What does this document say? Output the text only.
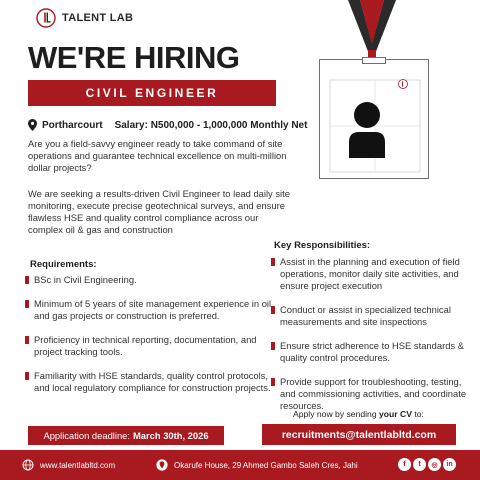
TALENT LAB
WE'RE HIRING
CIVIL ENGINEER
Portharcourt Salary:
N500,000 - 1,000,000 Monthly Net

Are you a field-savvy engineer ready to take command of site operations and guarantee technical excellence on multi-million dollar projects?

We are seeking a results-driven Civil Engineer to lead daily site monitoring, execute precise geotechnical surveys, and ensure flawless HSE and quality control compliance across our complex oil & gas and construction

Requirements:
BSc in Civil Engineering.
Minimum of 5 years of site management experience in oil and gas projects or construction is preferred.
Proficiency in technical reporting, documentation, and project tracking tools.
Familiarity with HSE standards, quality control protocols, and local regulatory compliance for construction projects.
Key Responsibilities:
Assist in the planning and execution of field operations, monitor daily site activities, and ensure project execution
Conduct or assist in specialized technical measurements and site inspections
Ensure strict adherence to HSE standards & quality control procedures.
Provide support for troubleshooting, testing, and commissioning activities, and coordinate resources.
Apply now by sending your CV to:
Application deadline: March 30th, 2026	recruitments@talentlabltd.com
www.talentlabltd.com	Okarufe House, 29 Ahmed Gambo Saleh Cres, Jahi	f	t	◎	in
